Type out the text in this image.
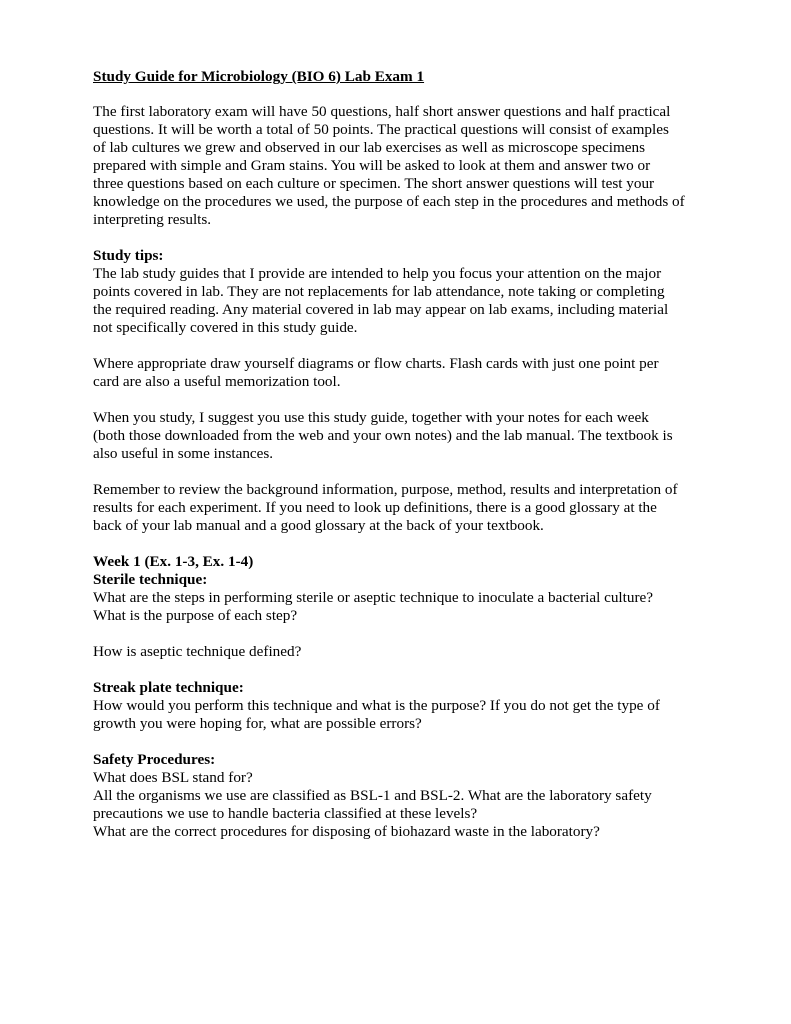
Study Guide for Microbiology (BIO 6) Lab Exam 1
The first laboratory exam will have 50 questions, half short answer questions and half practical
questions. It will be worth a total of 50 points. The practical questions will consist of examples
of lab cultures we grew and observed in our lab exercises as well as microscope specimens
prepared with simple and Gram stains. You will be asked to look at them and answer two or
three questions based on each culture or specimen. The short answer questions will test your
knowledge on the procedures we used, the purpose of each step in the procedures and methods of
interpreting results.
Study tips:
The lab study guides that I provide are intended to help you focus your attention on the major
points covered in lab. They are not replacements for lab attendance, note taking or completing
the required reading. Any material covered in lab may appear on lab exams, including material
not specifically covered in this study guide.
Where appropriate draw yourself diagrams or flow charts. Flash cards with just one point per
card are also a useful memorization tool.
When you study, I suggest you use this study guide, together with your notes for each week
(both those downloaded from the web and your own notes) and the lab manual. The textbook is
also useful in some instances.
Remember to review the background information, purpose, method, results and interpretation of
results for each experiment. If you need to look up definitions, there is a good glossary at the
back of your lab manual and a good glossary at the back of your textbook.
Week 1 (Ex. 1-3, Ex. 1-4)
Sterile technique:
What are the steps in performing sterile or aseptic technique to inoculate a bacterial culture?
What is the purpose of each step?
How is aseptic technique defined?
Streak plate technique:
How would you perform this technique and what is the purpose? If you do not get the type of
growth you were hoping for, what are possible errors?
Safety Procedures:
What does BSL stand for?
All the organisms we use are classified as BSL-1 and BSL-2. What are the laboratory safety
precautions we use to handle bacteria classified at these levels?
What are the correct procedures for disposing of biohazard waste in the laboratory?
